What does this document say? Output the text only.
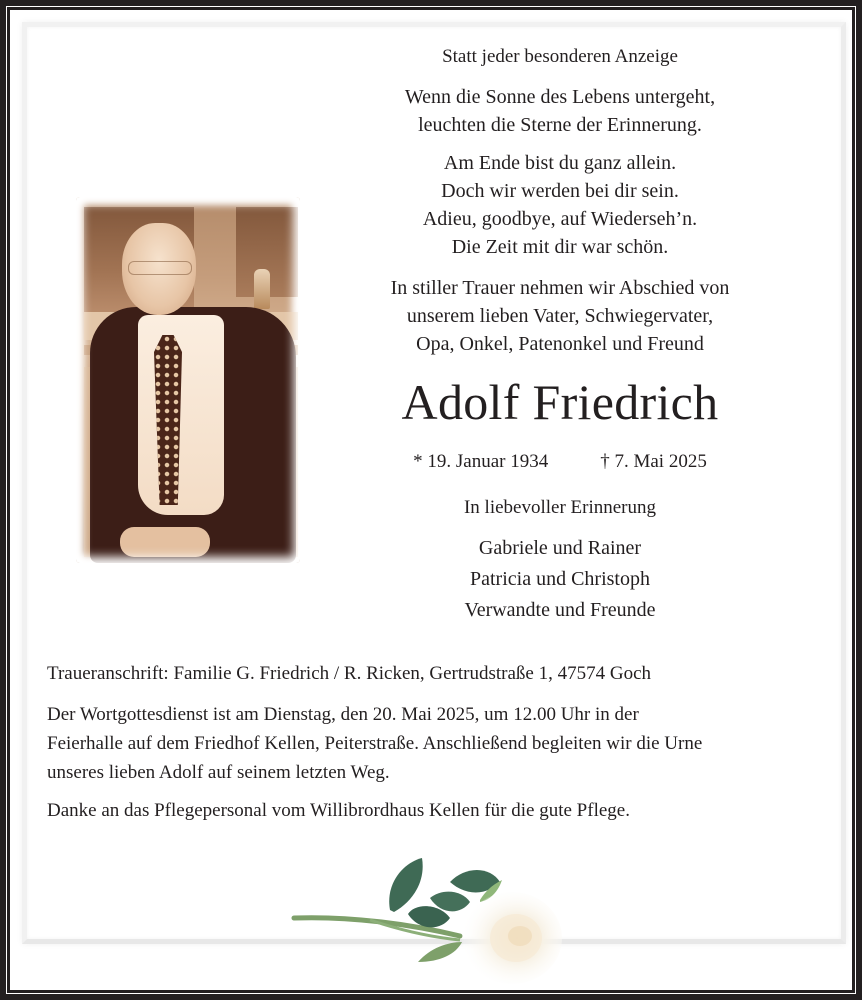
Statt jeder besonderen Anzeige
Wenn die Sonne des Lebens untergeht,
leuchten die Sterne der Erinnerung.
Am Ende bist du ganz allein.
Doch wir werden bei dir sein.
Adieu, goodbye, auf Wiederseh’n.
Die Zeit mit dir war schön.
In stiller Trauer nehmen wir Abschied von
unserem lieben Vater, Schwiegervater,
Opa, Onkel, Patenonkel und Freund
Adolf Friedrich
* 19. Januar 1934	† 7. Mai 2025
In liebevoller Erinnerung
Gabriele und Rainer
Patricia und Christoph
Verwandte und Freunde
Traueranschrift: Familie G. Friedrich / R. Ricken, Gertrudstraße 1, 47574 Goch
Der Wortgottesdienst ist am Dienstag, den 20. Mai 2025, um 12.00 Uhr in der
Feierhalle auf dem Friedhof Kellen, Peiterstraße. Anschließend begleiten wir die Urne
unseres lieben Adolf auf seinem letzten Weg.
Danke an das Pflegepersonal vom Willibrordhaus Kellen für die gute Pflege.
